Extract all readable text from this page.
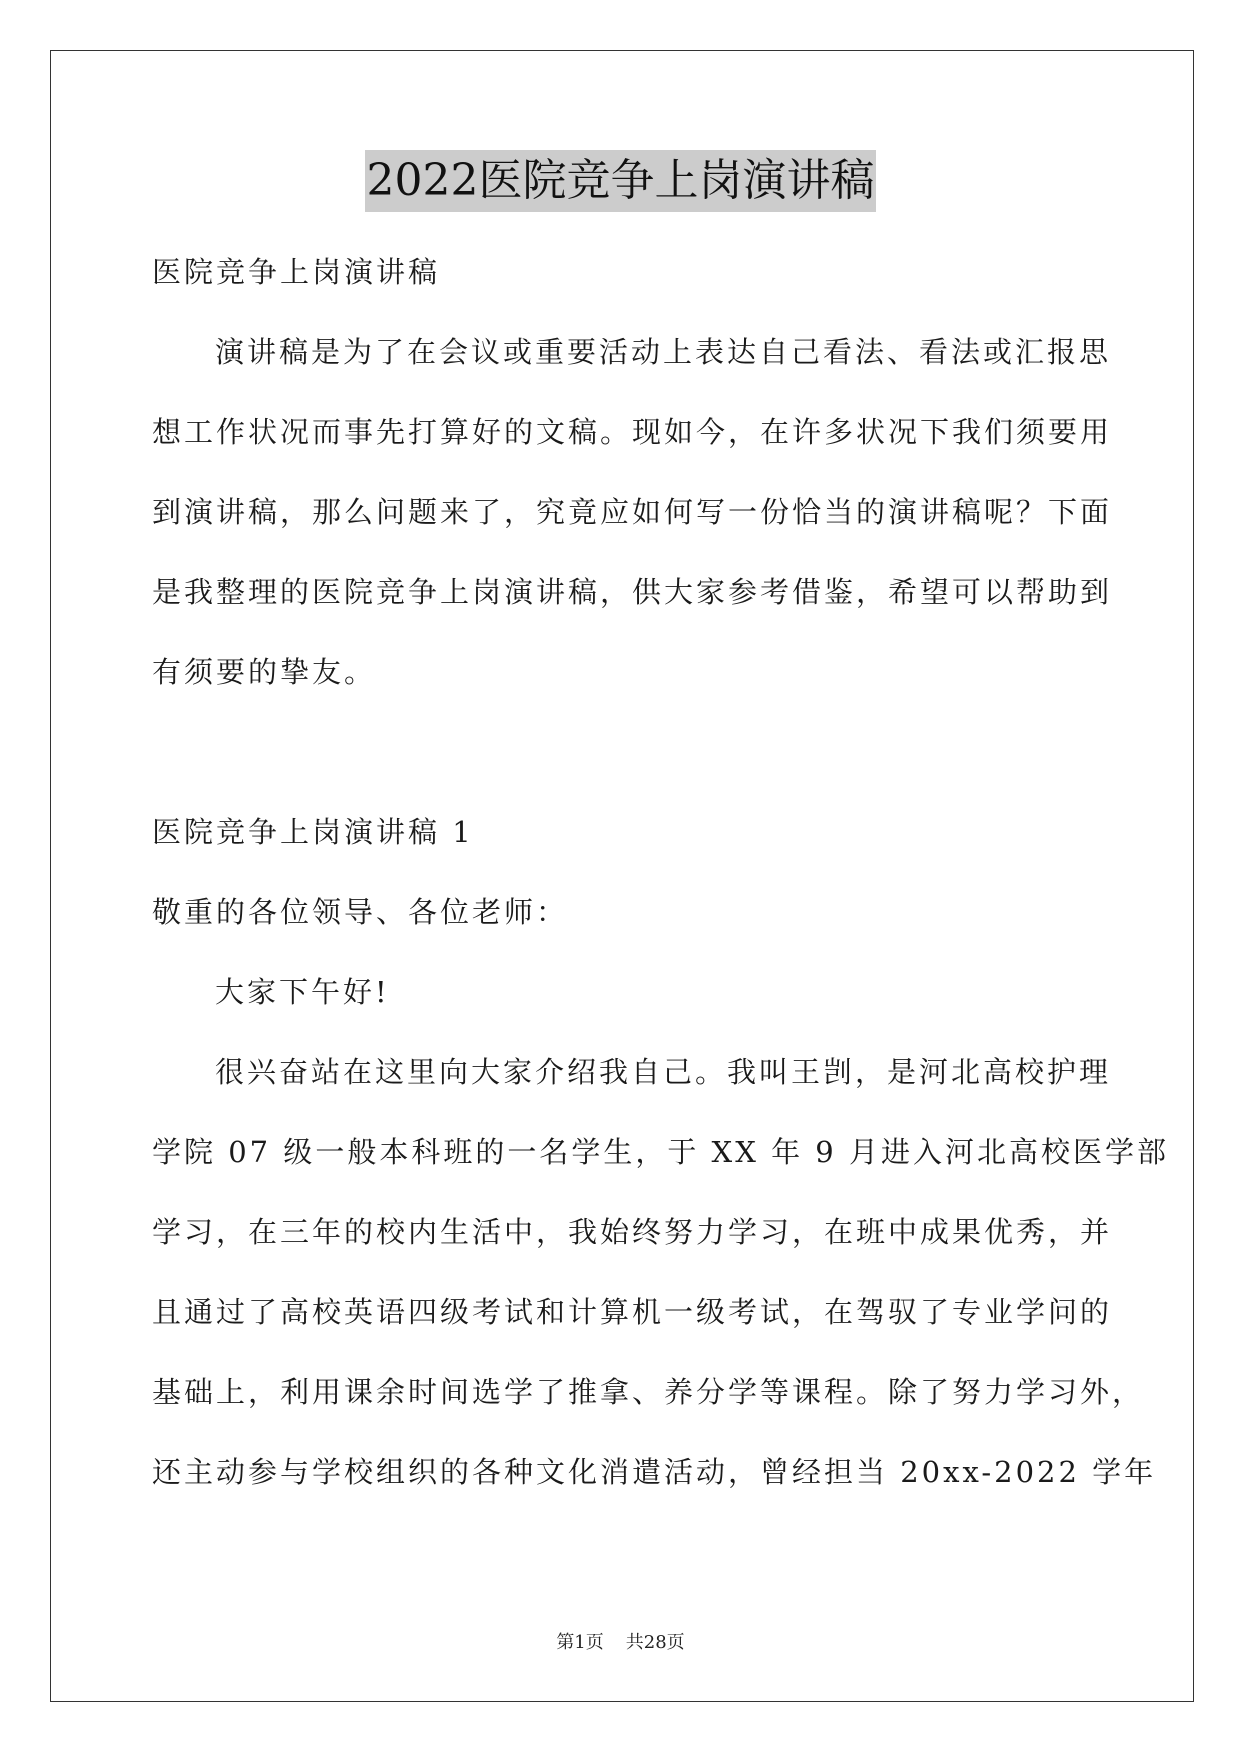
2022医院竞争上岗演讲稿
医院竞争上岗演讲稿
演讲稿是为了在会议或重要活动上表达自己看法、看法或汇报思
想工作状况而事先打算好的文稿。现如今，在许多状况下我们须要用
到演讲稿，那么问题来了，究竟应如何写一份恰当的演讲稿呢？下面
是我整理的医院竞争上岗演讲稿，供大家参考借鉴，希望可以帮助到
有须要的挚友。
医院竞争上岗演讲稿 1
敬重的各位领导、各位老师：
大家下午好!
很兴奋站在这里向大家介绍我自己。我叫王剀，是河北高校护理
学院 07 级一般本科班的一名学生，于 XX 年 9 月进入河北高校医学部
学习，在三年的校内生活中，我始终努力学习，在班中成果优秀，并
且通过了高校英语四级考试和计算机一级考试，在驾驭了专业学问的
基础上，利用课余时间选学了推拿、养分学等课程。除了努力学习外，
还主动参与学校组织的各种文化消遣活动，曾经担当 20xx-2022 学年
第1页 共28页
